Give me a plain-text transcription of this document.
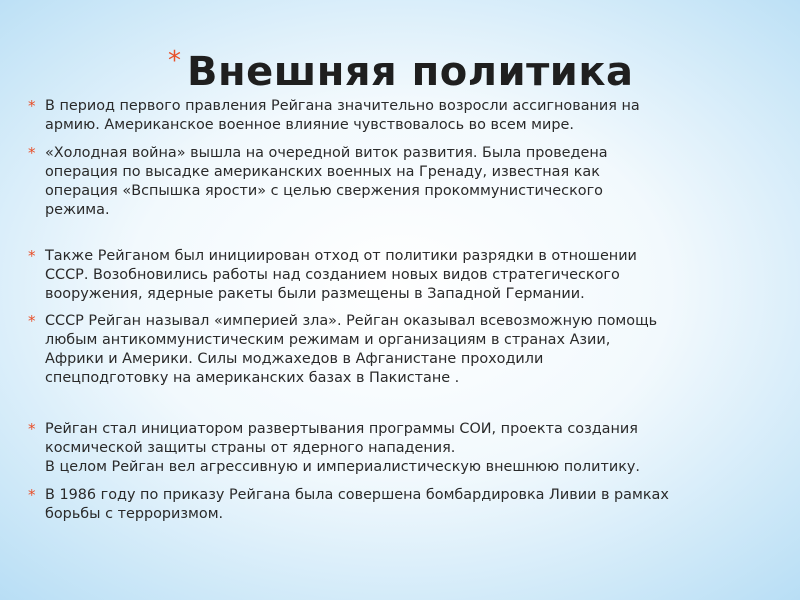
* Внешняя политика
* В период первого правления Рейгана значительно возросли ассигнования на
армию. Американское военное влияние чувствовалось во всем мире.
* «Холодная война» вышла на очередной виток развития. Была проведена
операция по высадке американских военных на Гренаду, известная как
операция «Вспышка ярости» с целью свержения прокоммунистического
режима.
* Также Рейганом был инициирован отход от политики разрядки в отношении
СССР. Возобновились работы над созданием новых видов стратегического
вооружения, ядерные ракеты были размещены в Западной Германии.
* СССР Рейган называл «империей зла». Рейган оказывал всевозможную помощь
любым антикоммунистическим режимам и организациям в странах Азии,
Африки и Америки. Силы моджахедов в Афганистане проходили
спецподготовку на американских базах в Пакистане .
* Рейган стал инициатором развертывания программы СОИ, проекта создания
космической защиты страны от ядерного нападения.
В целом Рейган вел агрессивную и империалистическую внешнюю политику.
* В 1986 году по приказу Рейгана была совершена бомбардировка Ливии в рамках
борьбы с терроризмом.
